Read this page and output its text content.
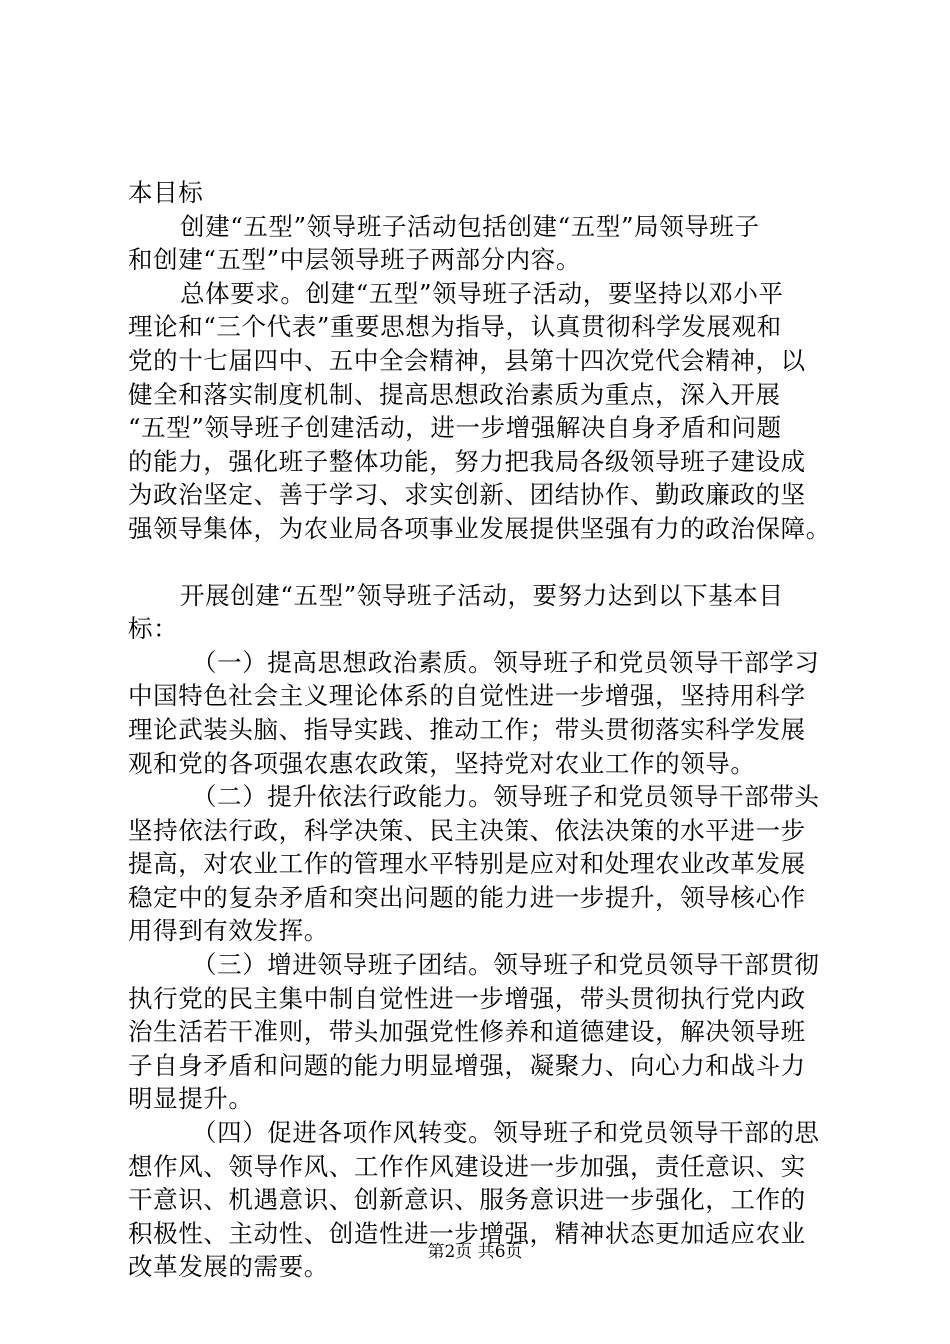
本目标
创建“五型”领导班子活动包括创建“五型”局领导班子
和创建“五型”中层领导班子两部分内容。
总体要求。创建“五型”领导班子活动，要坚持以邓小平
理论和“三个代表”重要思想为指导，认真贯彻科学发展观和
党的十七届四中、五中全会精神，县第十四次党代会精神，以
健全和落实制度机制、提高思想政治素质为重点，深入开展
“五型”领导班子创建活动，进一步增强解决自身矛盾和问题
的能力，强化班子整体功能，努力把我局各级领导班子建设成
为政治坚定、善于学习、求实创新、团结协作、勤政廉政的坚
强领导集体，为农业局各项事业发展提供坚强有力的政治保障。
开展创建“五型”领导班子活动，要努力达到以下基本目
标：
（一）提高思想政治素质。领导班子和党员领导干部学习
中国特色社会主义理论体系的自觉性进一步增强，坚持用科学
理论武装头脑、指导实践、推动工作；带头贯彻落实科学发展
观和党的各项强农惠农政策，坚持党对农业工作的领导。
（二）提升依法行政能力。领导班子和党员领导干部带头
坚持依法行政，科学决策、民主决策、依法决策的水平进一步
提高，对农业工作的管理水平特别是应对和处理农业改革发展
稳定中的复杂矛盾和突出问题的能力进一步提升，领导核心作
用得到有效发挥。
（三）增进领导班子团结。领导班子和党员领导干部贯彻
执行党的民主集中制自觉性进一步增强，带头贯彻执行党内政
治生活若干准则，带头加强党性修养和道德建设，解决领导班
子自身矛盾和问题的能力明显增强，凝聚力、向心力和战斗力
明显提升。
（四）促进各项作风转变。领导班子和党员领导干部的思
想作风、领导作风、工作作风建设进一步加强，责任意识、实
干意识、机遇意识、创新意识、服务意识进一步强化，工作的
积极性、主动性、创造性进一步增强，精神状态更加适应农业
改革发展的需要。
第2页 共6页
